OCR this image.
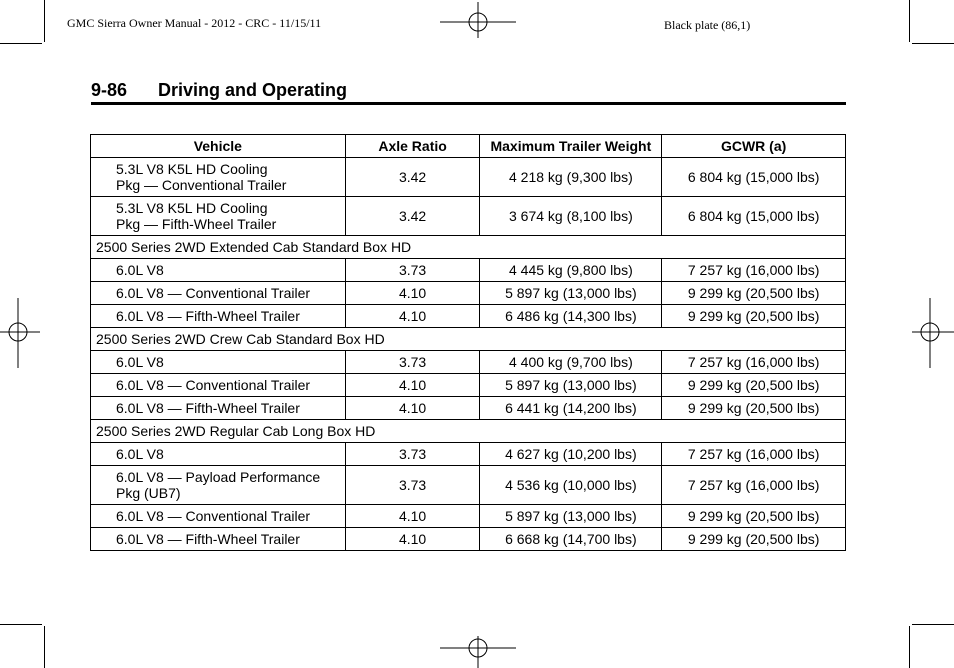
GMC Sierra Owner Manual - 2012 - CRC - 11/15/11	Black plate (86,1)
9-86 Driving and Operating
Vehicle	Axle Ratio	Maximum Trailer Weight	GCWR (a)

5.3L V8 K5L HD Cooling
Pkg — Conventional Trailer	3.42	4 218 kg (9,300 lbs)	6 804 kg (15,000 lbs)

5.3L V8 K5L HD Cooling
Pkg — Fifth-Wheel Trailer	3.42	3 674 kg (8,100 lbs)	6 804 kg (15,000 lbs)
2500 Series 2WD Extended Cab Standard Box HD			

6.0L V8	3.73	4 445 kg (9,800 lbs)	7 257 kg (16,000 lbs)

6.0L V8 — Conventional Trailer	4.10	5 897 kg (13,000 lbs)	9 299 kg (20,500 lbs)

6.0L V8 — Fifth-Wheel Trailer	4.10	6 486 kg (14,300 lbs)	9 299 kg (20,500 lbs)
2500 Series 2WD Crew Cab Standard Box HD			

6.0L V8	3.73	4 400 kg (9,700 lbs)	7 257 kg (16,000 lbs)

6.0L V8 — Conventional Trailer	4.10	5 897 kg (13,000 lbs)	9 299 kg (20,500 lbs)

6.0L V8 — Fifth-Wheel Trailer	4.10	6 441 kg (14,200 lbs)	9 299 kg (20,500 lbs)
2500 Series 2WD Regular Cab Long Box HD			

6.0L V8	3.73	4 627 kg (10,200 lbs)	7 257 kg (16,000 lbs)

6.0L V8 — Payload Performance
Pkg (UB7)	3.73	4 536 kg (10,000 lbs)	7 257 kg (16,000 lbs)

6.0L V8 — Conventional Trailer	4.10	5 897 kg (13,000 lbs)	9 299 kg (20,500 lbs)

6.0L V8 — Fifth-Wheel Trailer	4.10	6 668 kg (14,700 lbs)	9 299 kg (20,500 lbs)
